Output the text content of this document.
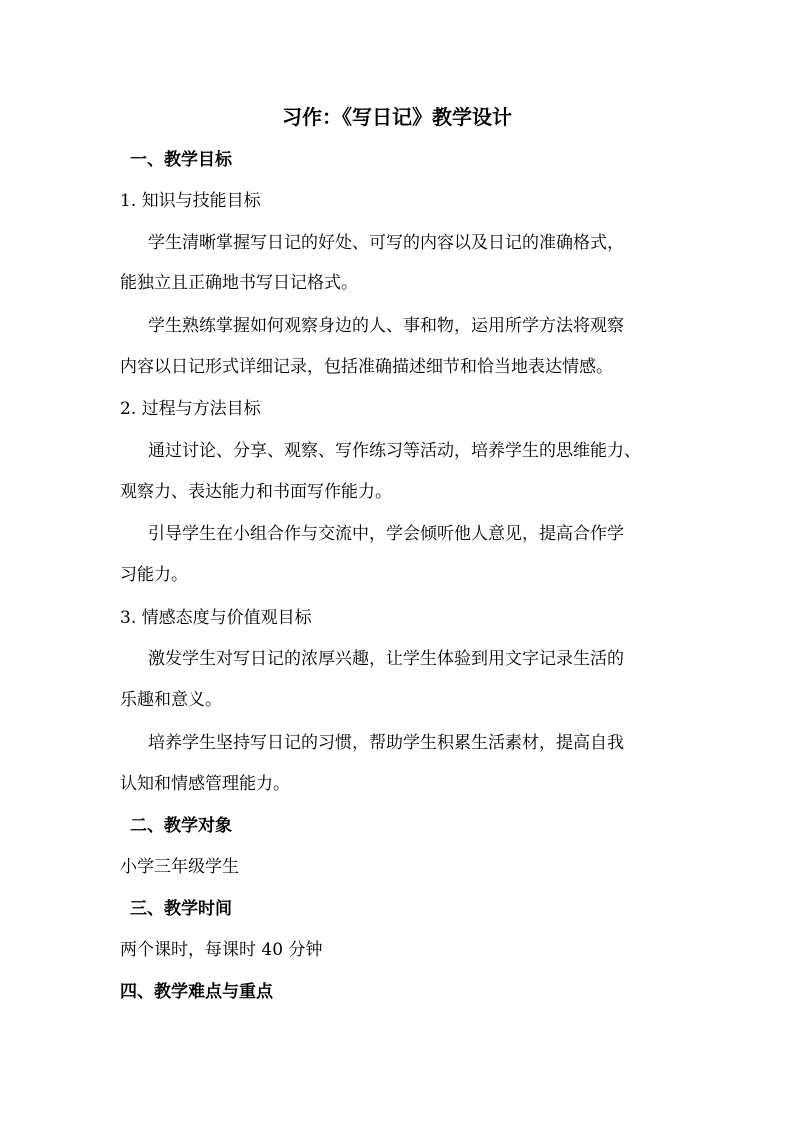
习作：《写日记》教学设计
一、教学目标
1. 知识与技能目标
学生清晰掌握写日记的好处、可写的内容以及日记的准确格式，
能独立且正确地书写日记格式。
学生熟练掌握如何观察身边的人、事和物，运用所学方法将观察
内容以日记形式详细记录，包括准确描述细节和恰当地表达情感。
2. 过程与方法目标
通过讨论、分享、观察、写作练习等活动，培养学生的思维能力、
观察力、表达能力和书面写作能力。
引导学生在小组合作与交流中，学会倾听他人意见，提高合作学
习能力。
3. 情感态度与价值观目标
激发学生对写日记的浓厚兴趣，让学生体验到用文字记录生活的
乐趣和意义。
培养学生坚持写日记的习惯，帮助学生积累生活素材，提高自我
认知和情感管理能力。
二、教学对象
小学三年级学生
三、教学时间
两个课时，每课时 40 分钟
四、教学难点与重点
